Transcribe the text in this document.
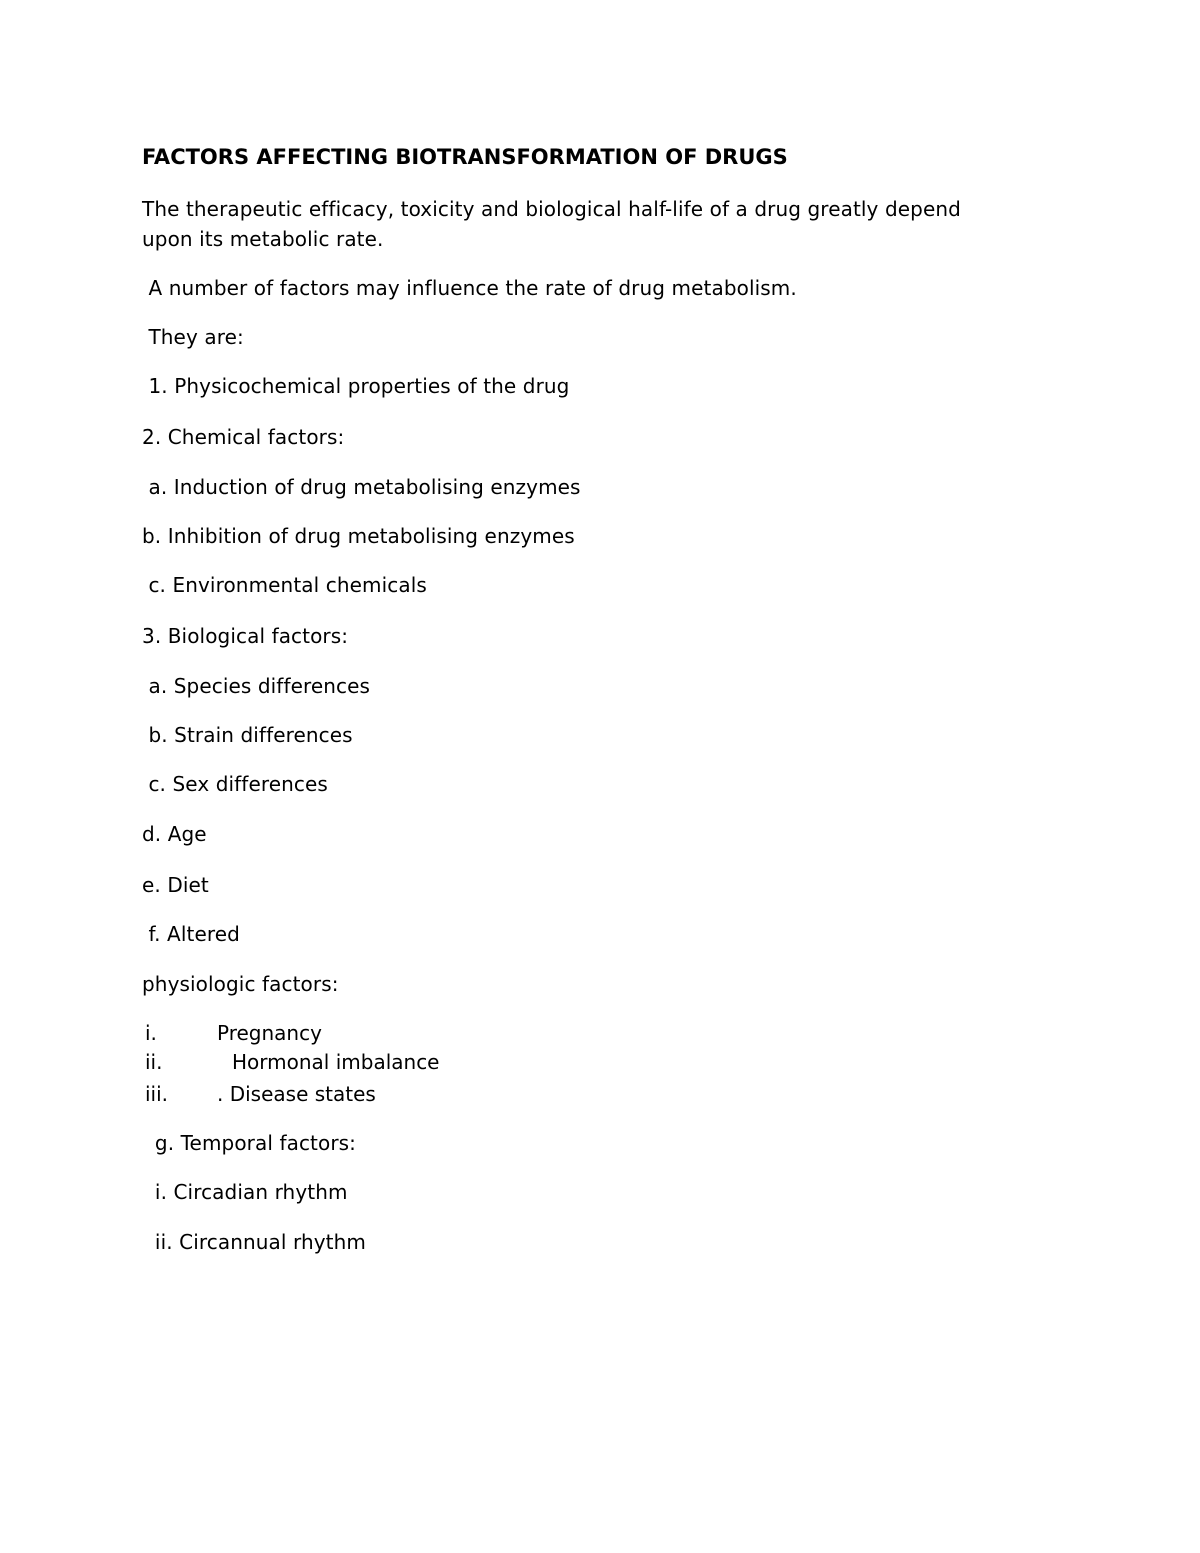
FACTORS AFFECTING BIOTRANSFORMATION OF DRUGS
The therapeutic efficacy, toxicity and biological half-life of a drug greatly depend
upon its metabolic rate.
A number of factors may influence the rate of drug metabolism.
They are:
1. Physicochemical properties of the drug
2. Chemical factors:
a. Induction of drug metabolising enzymes
b. Inhibition of drug metabolising enzymes
c. Environmental chemicals
3. Biological factors:
a. Species differences
b. Strain differences
c. Sex differences
d. Age
e. Diet
f. Altered
physiologic factors:
i.	Pregnancy
ii.	Hormonal imbalance
iii. . Disease states
g. Temporal factors:
i. Circadian rhythm
ii. Circannual rhythm
